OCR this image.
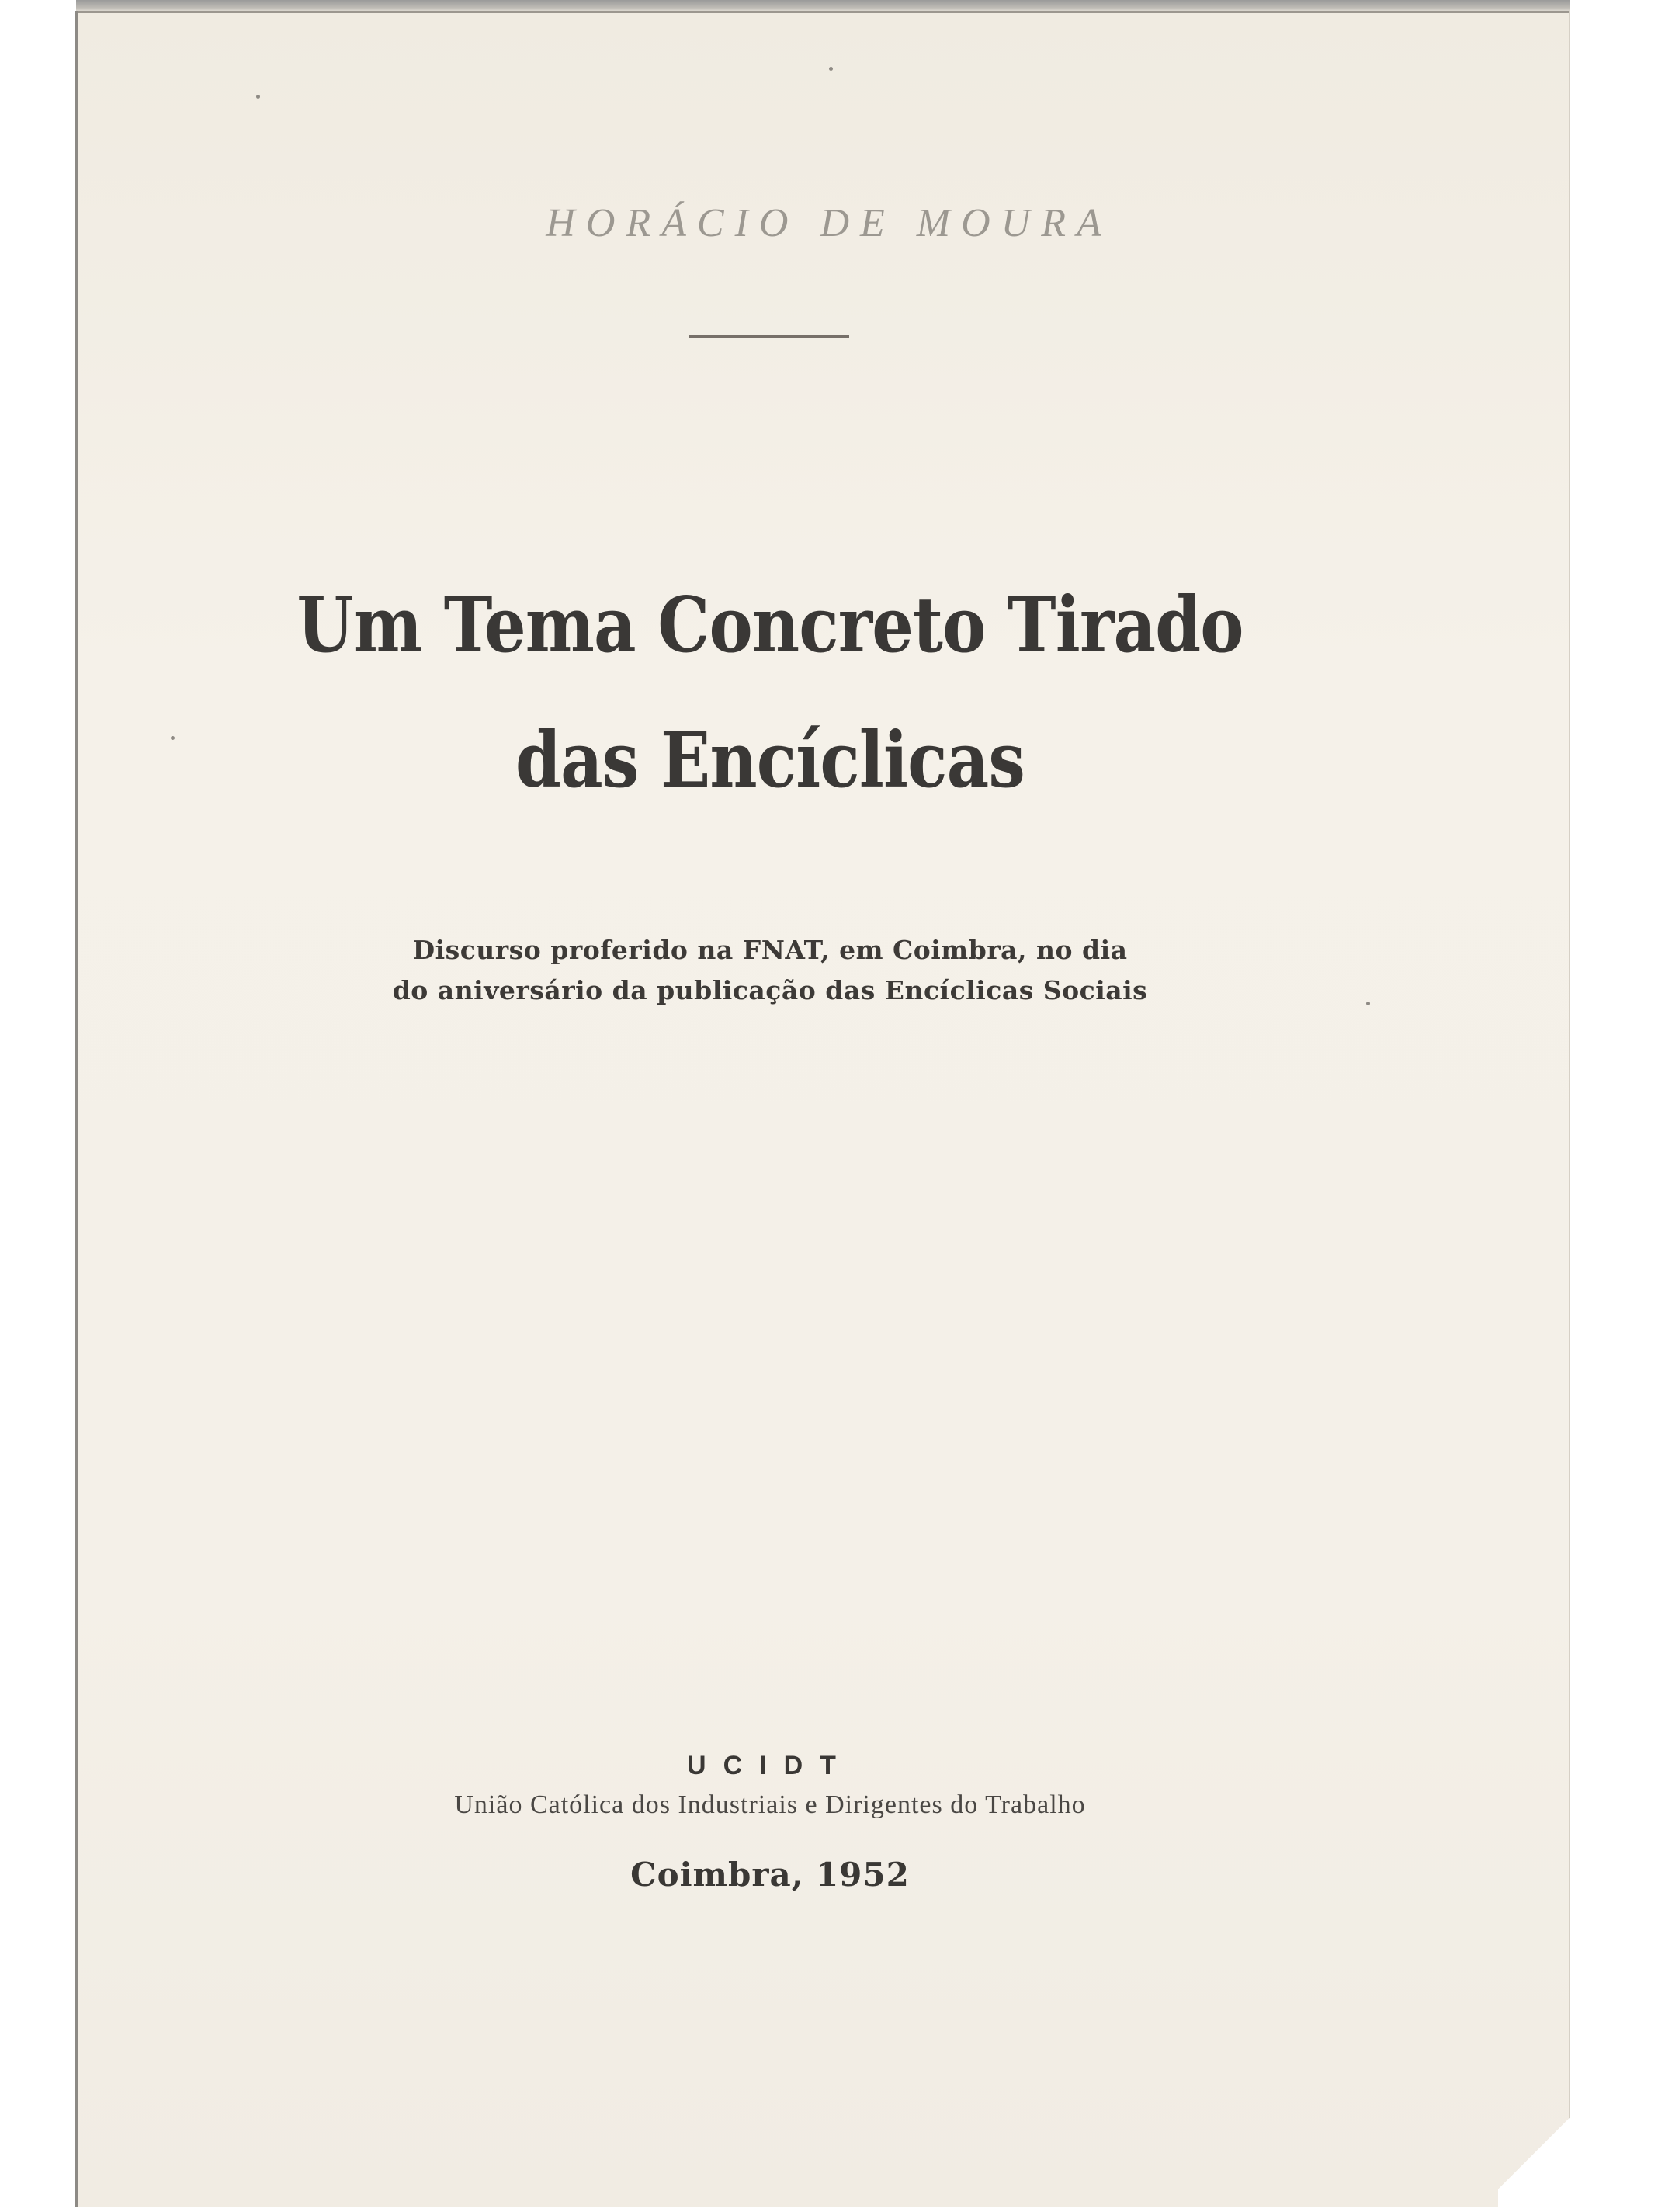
HORÁCIO DE MOURA
Um Tema Concreto Tirado
das Encíclicas
Discurso proferido na FNAT, em Coimbra, no dia
do aniversário da publicação das Encíclicas Sociais
UCIDT
União Católica dos Industriais e Dirigentes do Trabalho
Coimbra, 1952
